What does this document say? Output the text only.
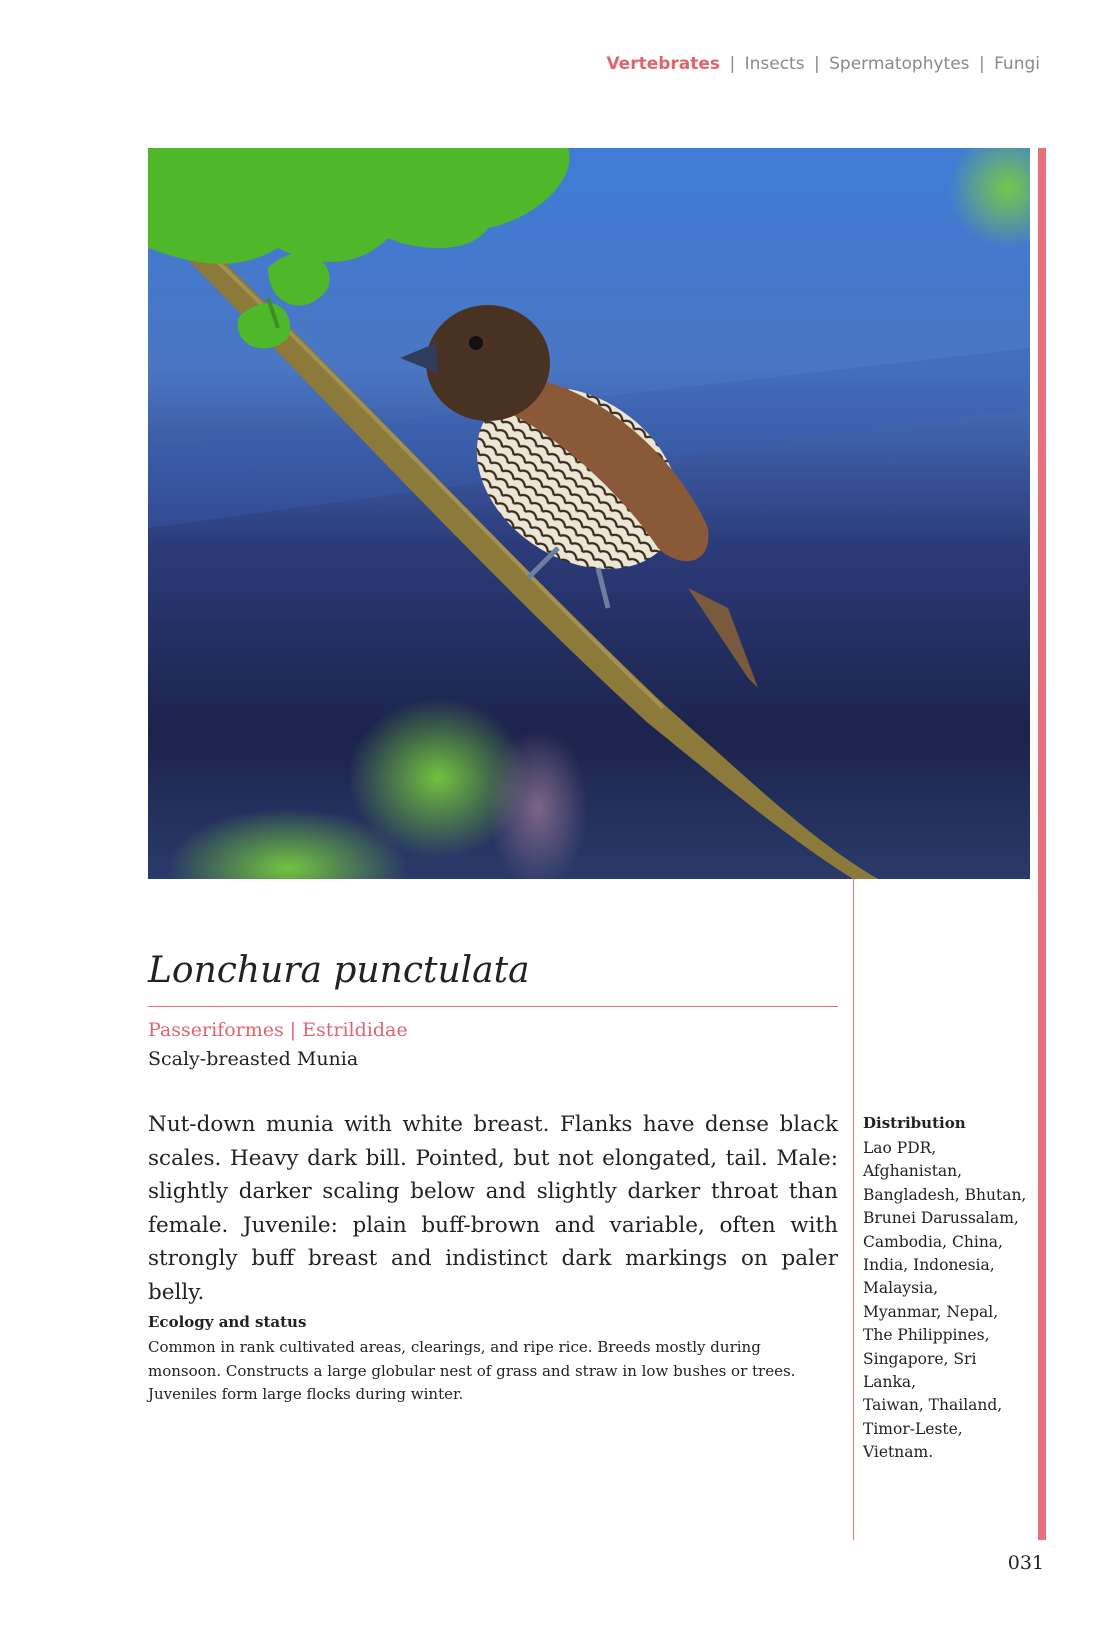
Vertebrates | Insects | Spermatophytes | Fungi
Lonchura punctulata
Passeriformes | Estrildidae
Scaly-breasted Munia

Nut-down munia with white breast. Flanks have dense black scales. Heavy dark bill. Pointed, but not elongated, tail. Male: slightly darker scaling below and slightly darker throat than female. Juvenile: plain buff-brown and variable, often with strongly buff breast and indistinct dark markings on paler belly.

Ecology and status

Common in rank cultivated areas, clearings, and ripe rice. Breeds mostly during monsoon. Constructs a large globular nest of grass and straw in low bushes or trees. Juveniles form large flocks during winter.

Distribution

Lao PDR,
Afghanistan,
Bangladesh, Bhutan,
Brunei Darussalam,
Cambodia, China,
India, Indonesia,
Malaysia,
Myanmar, Nepal,
The Philippines,
Singapore, Sri Lanka,
Taiwan, Thailand,
Timor-Leste,
Vietnam.

031
